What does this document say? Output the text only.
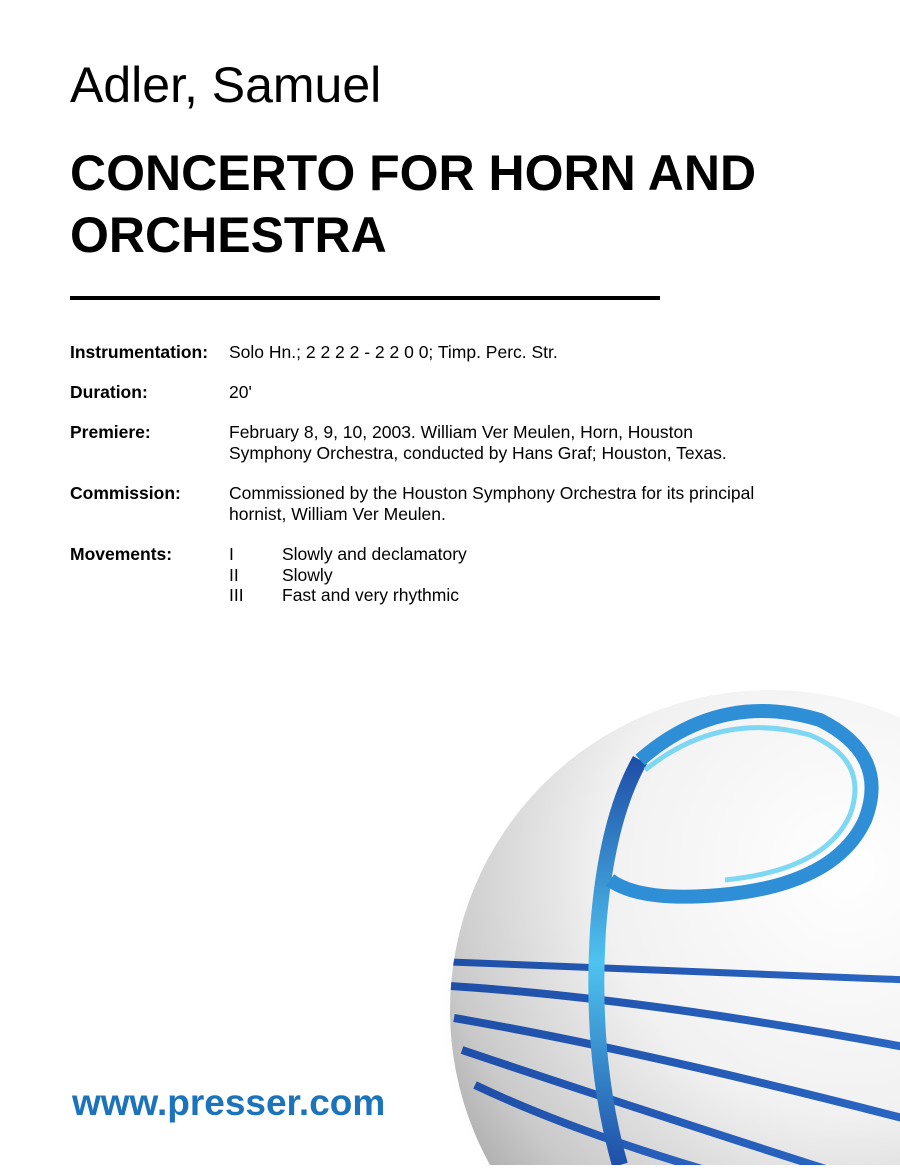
Adler, Samuel
CONCERTO FOR HORN AND ORCHESTRA
Instrumentation:	Solo Hn.; 2 2 2 2 - 2 2 0 0; Timp. Perc. Str.
Duration:	20'
Premiere:	February 8, 9, 10, 2003. William Ver Meulen, Horn, Houston
Symphony Orchestra, conducted by Hans Graf; Houston, Texas.
Commission:	Commissioned by the Houston Symphony Orchestra for its principal
hornist, William Ver Meulen.
Movements:	I	Slowly and declamatory
II	Slowly
III	Fast and very rhythmic
www.presser.com
